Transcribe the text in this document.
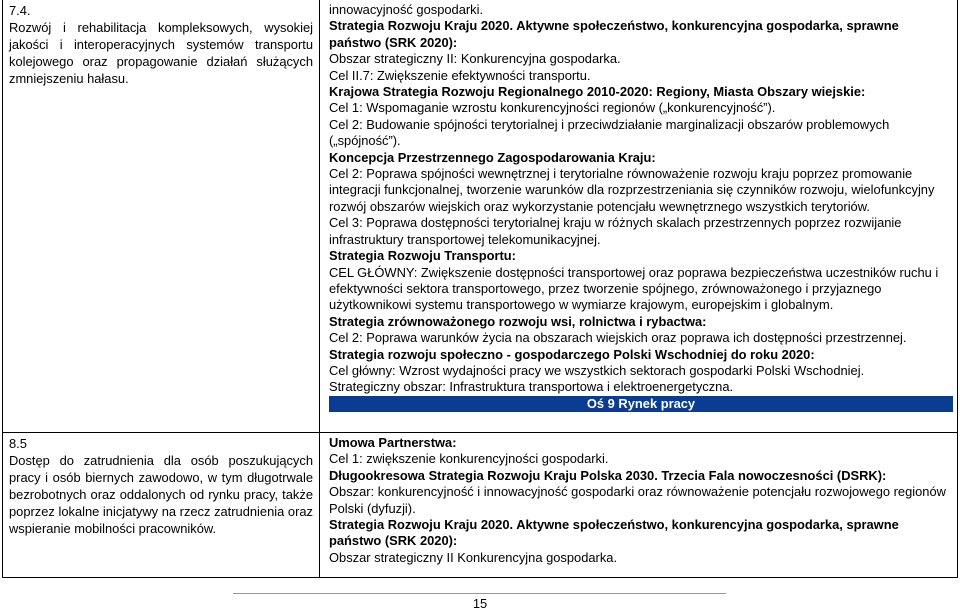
7.4.

Rozwój i rehabilitacja kompleksowych, wysokiej jakości i interoperacyjnych systemów transportu kolejowego oraz propagowanie działań służących zmniejszeniu hałasu.

innowacyjność gospodarki.

Strategia Rozwoju Kraju 2020. Aktywne społeczeństwo, konkurencyjna gospodarka, sprawne państwo (SRK 2020):

Obszar strategiczny II: Konkurencyjna gospodarka.

Cel II.7: Zwiększenie efektywności transportu.

Krajowa Strategia Rozwoju Regionalnego 2010-2020: Regiony, Miasta Obszary wiejskie:

Cel 1: Wspomaganie wzrostu konkurencyjności regionów („konkurencyjność”).

Cel 2: Budowanie spójności terytorialnej i przeciwdziałanie marginalizacji obszarów problemowych („spójność”).

Koncepcja Przestrzennego Zagospodarowania Kraju:

Cel 2: Poprawa spójności wewnętrznej i terytorialne równoważenie rozwoju kraju poprzez promowanie integracji funkcjonalnej, tworzenie warunków dla rozprzestrzeniania się czynników rozwoju, wielofunkcyjny rozwój obszarów wiejskich oraz wykorzystanie potencjału wewnętrznego wszystkich terytoriów.

Cel 3: Poprawa dostępności terytorialnej kraju w różnych skalach przestrzennych poprzez rozwijanie infrastruktury transportowej telekomunikacyjnej.

Strategia Rozwoju Transportu:

CEL GŁÓWNY: Zwiększenie dostępności transportowej oraz poprawa bezpieczeństwa uczestników ruchu i efektywności sektora transportowego, przez tworzenie spójnego, zrównoważonego i przyjaznego użytkownikowi systemu transportowego w wymiarze krajowym, europejskim i globalnym.

Strategia zrównoważonego rozwoju wsi, rolnictwa i rybactwa:

Cel 2: Poprawa warunków życia na obszarach wiejskich oraz poprawa ich dostępności przestrzennej.

Strategia rozwoju społeczno - gospodarczego Polski Wschodniej do roku 2020:

Cel główny: Wzrost wydajności pracy we wszystkich sektorach gospodarki Polski Wschodniej.

Strategiczny obszar: Infrastruktura transportowa i elektroenergetyczna.

Oś 9 Rynek pracy

8.5

Dostęp do zatrudnienia dla osób poszukujących pracy i osób biernych zawodowo, w tym długotrwale bezrobotnych oraz oddalonych od rynku pracy, także poprzez lokalne inicjatywy na rzecz zatrudnienia oraz wspieranie mobilności pracowników.

Umowa Partnerstwa:

Cel 1: zwiększenie konkurencyjności gospodarki.

Długookresowa Strategia Rozwoju Kraju Polska 2030. Trzecia Fala nowoczesności (DSRK):

Obszar: konkurencyjność i innowacyjność gospodarki oraz równoważenie potencjału rozwojowego regionów Polski (dyfuzji).

Strategia Rozwoju Kraju 2020. Aktywne społeczeństwo, konkurencyjna gospodarka, sprawne państwo (SRK 2020):

Obszar strategiczny II Konkurencyjna gospodarka.

15
